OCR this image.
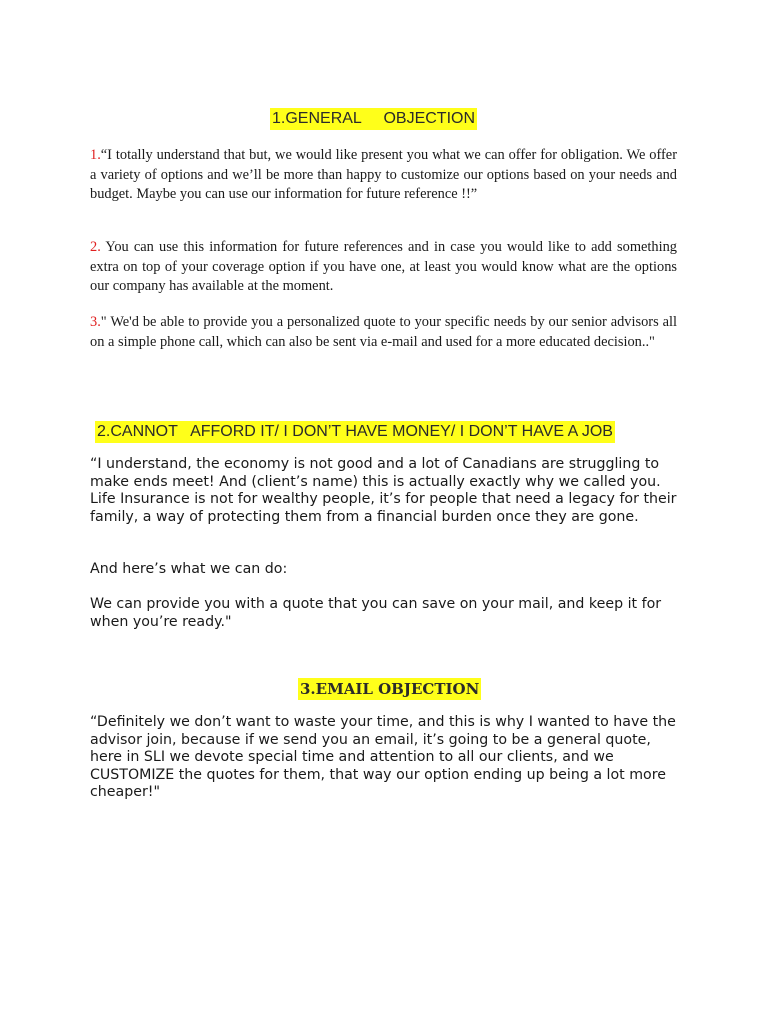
1.GENERAL     OBJECTION

1.“I totally understand that but, we would like present you what we can offer for obligation. We offer a variety of options and we’ll be more than happy to customize our options based on your needs and budget. Maybe you can use our information for future reference !!”

2. You can use this information for future references and in case you would like to add something extra on top of your coverage option if you have one, at least you would know what are the options our company has available at the moment.

3." We'd be able to provide you a personalized quote to your specific needs by our senior advisors all on a simple phone call, which can also be sent via e-mail and used for a more educated decision.."

2.CANNOT   AFFORD IT/ I DON’T HAVE MONEY/ I DON’T HAVE A JOB

“I understand, the economy is not good and a lot of Canadians are struggling to make ends meet! And (client’s name) this is actually exactly why we called you. Life Insurance is not for wealthy people, it’s for people that need a legacy for their family, a way of protecting them from a financial burden once they are gone.

And here’s what we can do:

We can provide you with a quote that you can save on your mail, and keep it for when you’re ready."

3.EMAIL OBJECTION

“Definitely we don’t want to waste your time, and this is why I wanted to have the advisor join, because if we send you an email, it’s going to be a general quote, here in SLI we devote special time and attention to all our clients, and we CUSTOMIZE the quotes for them, that way our option ending up being a lot more cheaper!"
